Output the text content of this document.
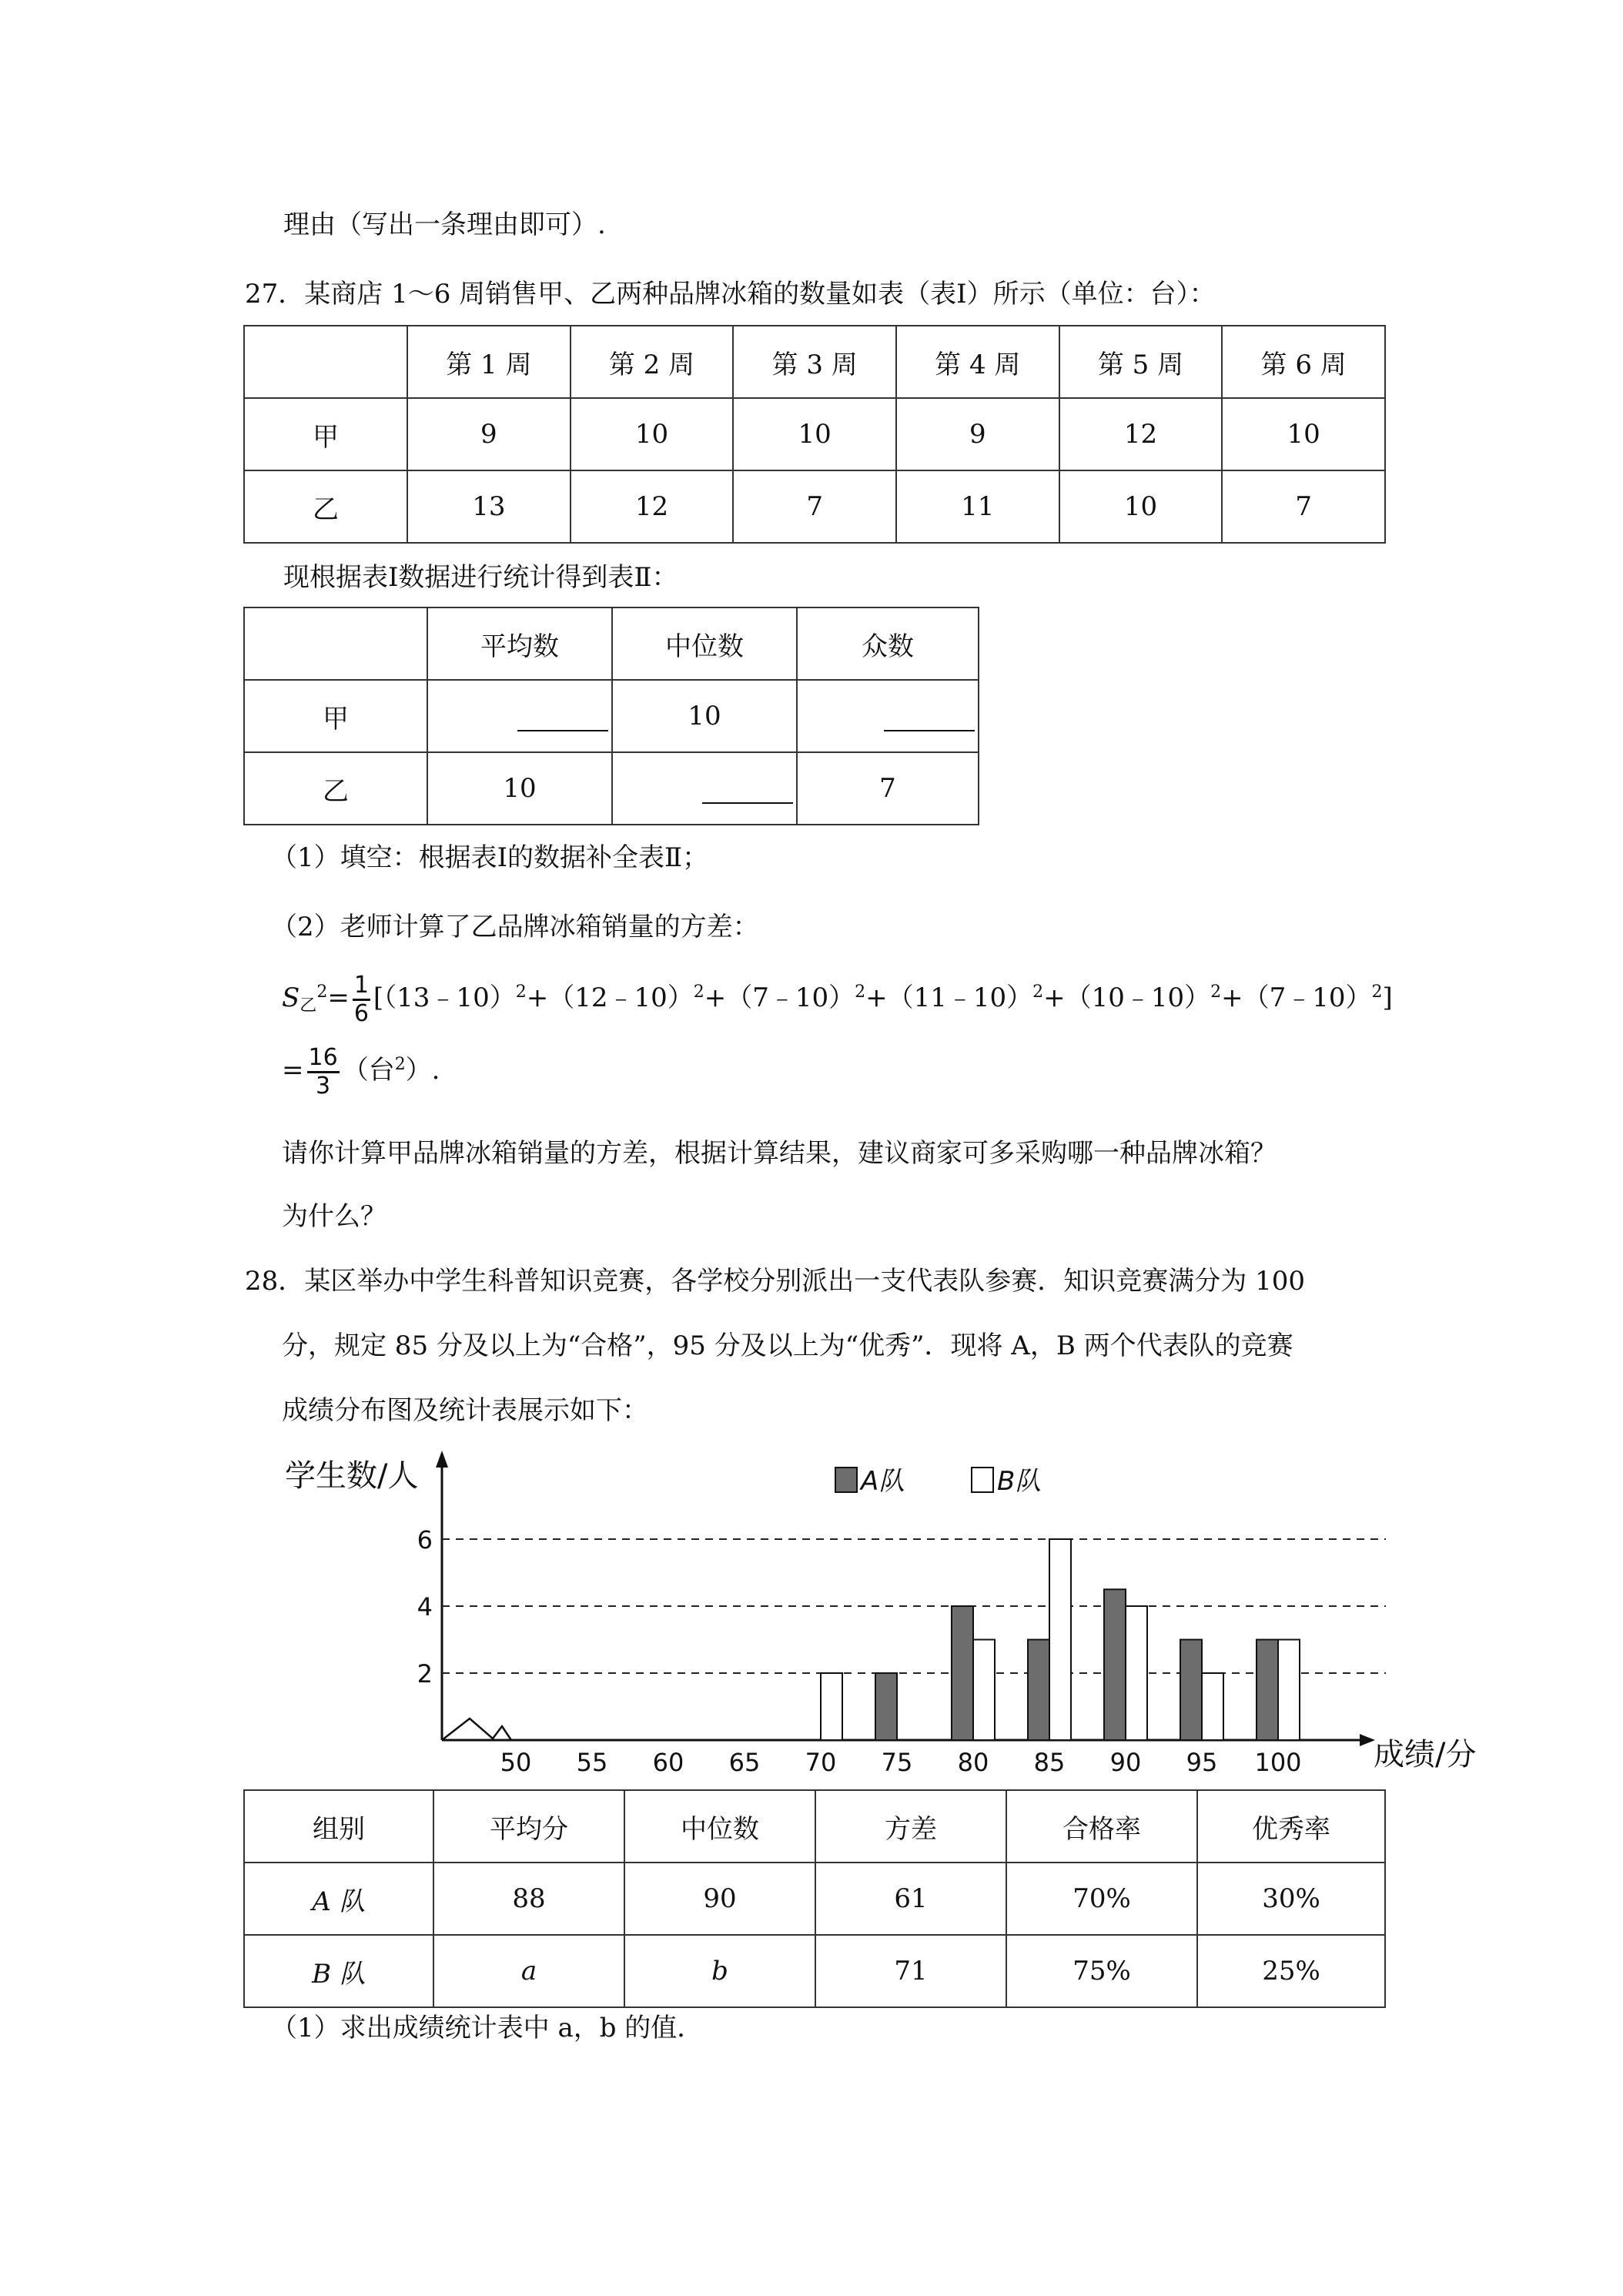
理由（写出一条理由即可）.
27．某商店 1～6 周销售甲、乙两种品牌冰箱的数量如表（表Ⅰ）所示（单位：台）：
	第 1 周	第 2 周	第 3 周	第 4 周	第 5 周	第 6 周
甲	9	10	10	9	12	10
乙	13	12	7	11	10	7
现根据表Ⅰ数据进行统计得到表Ⅱ：
	平均数	中位数	众数
甲		10	
乙	10		7
（1）填空：根据表Ⅰ的数据补全表Ⅱ；
（2）老师计算了乙品牌冰箱销量的方差：
$S_乙^2= \frac{1}{6}$ [（13﹣10）$^2$+（12﹣10）$^2$+（7﹣10）$^2$+（11﹣10）$^2$+（10﹣10）$^2$+（7﹣10）$^2$]
= $\frac{16}{3}$ （台$^2$）.
请你计算甲品牌冰箱销量的方差，根据计算结果，建议商家可多采购哪一种品牌冰箱？
为什么？
28．某区举办中学生科普知识竞赛，各学校分别派出一支代表队参赛．知识竞赛满分为 100
分，规定 85 分及以上为“合格”，95 分及以上为“优秀”．现将 A，B 两个代表队的竞赛
成绩分布图及统计表展示如下：
2
4
6
学生数/人
成绩/分
A队	B队
50 55 60 65 70 75 80 85 90 95 100
组别	平均分	中位数	方差	合格率	优秀率
A 队	88	90	61	70%	30%
B 队	a	b	71	75%	25%
（1）求出成绩统计表中 a，b 的值．
